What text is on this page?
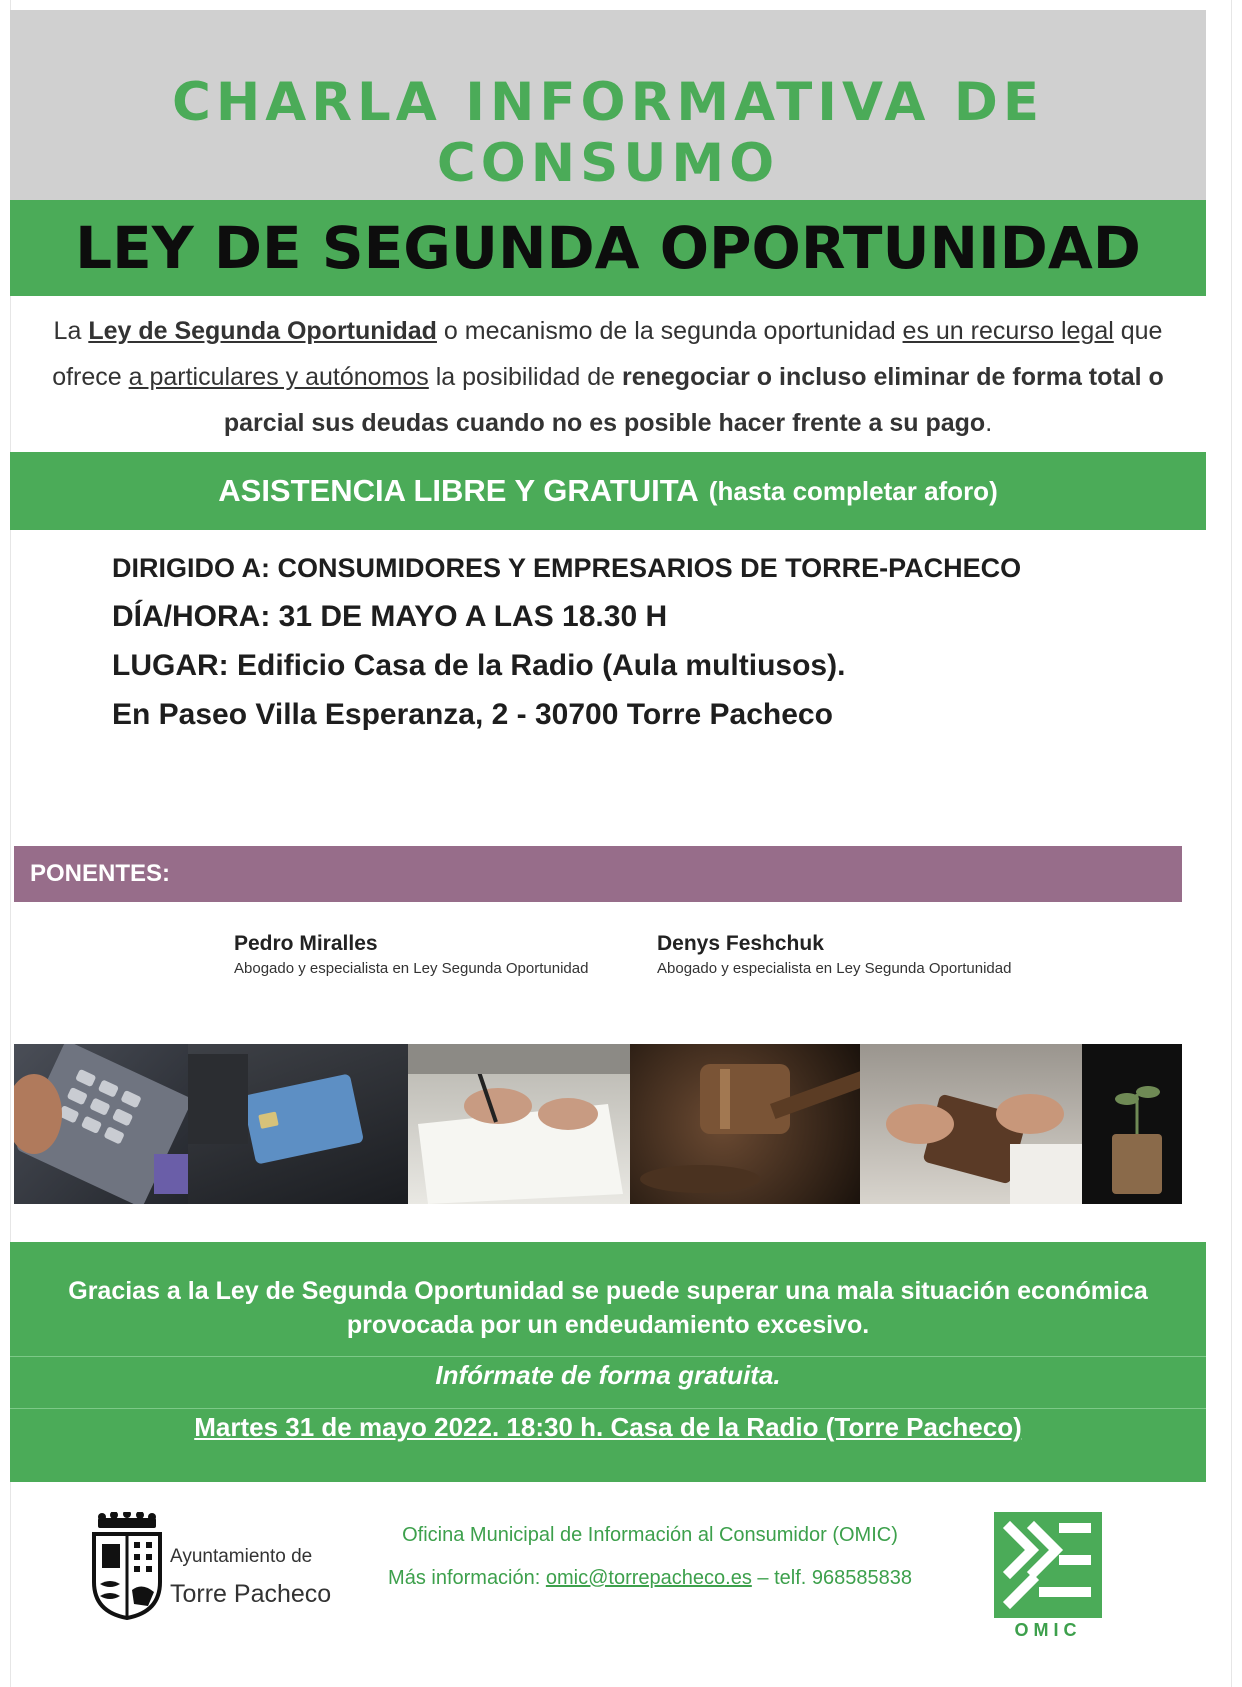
CHARLA INFORMATIVA DE CONSUMO
LEY DE SEGUNDA OPORTUNIDAD
La Ley de Segunda Oportunidad o mecanismo de la segunda oportunidad es un recurso legal que ofrece a particulares y autónomos la posibilidad de renegociar o incluso eliminar de forma total o parcial sus deudas cuando no es posible hacer frente a su pago.
ASISTENCIA LIBRE Y GRATUITA (hasta completar aforo)
DIRIGIDO A: CONSUMIDORES Y EMPRESARIOS DE TORRE-PACHECO
DÍA/HORA: 31 DE MAYO A LAS 18.30 H
LUGAR: Edificio Casa de la Radio (Aula multiusos).
En Paseo Villa Esperanza, 2 - 30700 Torre Pacheco
PONENTES:
Pedro Miralles
Abogado y especialista en Ley Segunda Oportunidad
Denys Feshchuk
Abogado y especialista en Ley Segunda Oportunidad
Gracias a la Ley de Segunda Oportunidad se puede superar una mala situación económica provocada por un endeudamiento excesivo.
Infórmate de forma gratuita.
Martes 31 de mayo 2022. 18:30 h. Casa de la Radio (Torre Pacheco)
Ayuntamiento de
Torre Pacheco
Oficina Municipal de Información al Consumidor (OMIC)
Más información: omic@torrepacheco.es – telf. 968585838
OMIC
